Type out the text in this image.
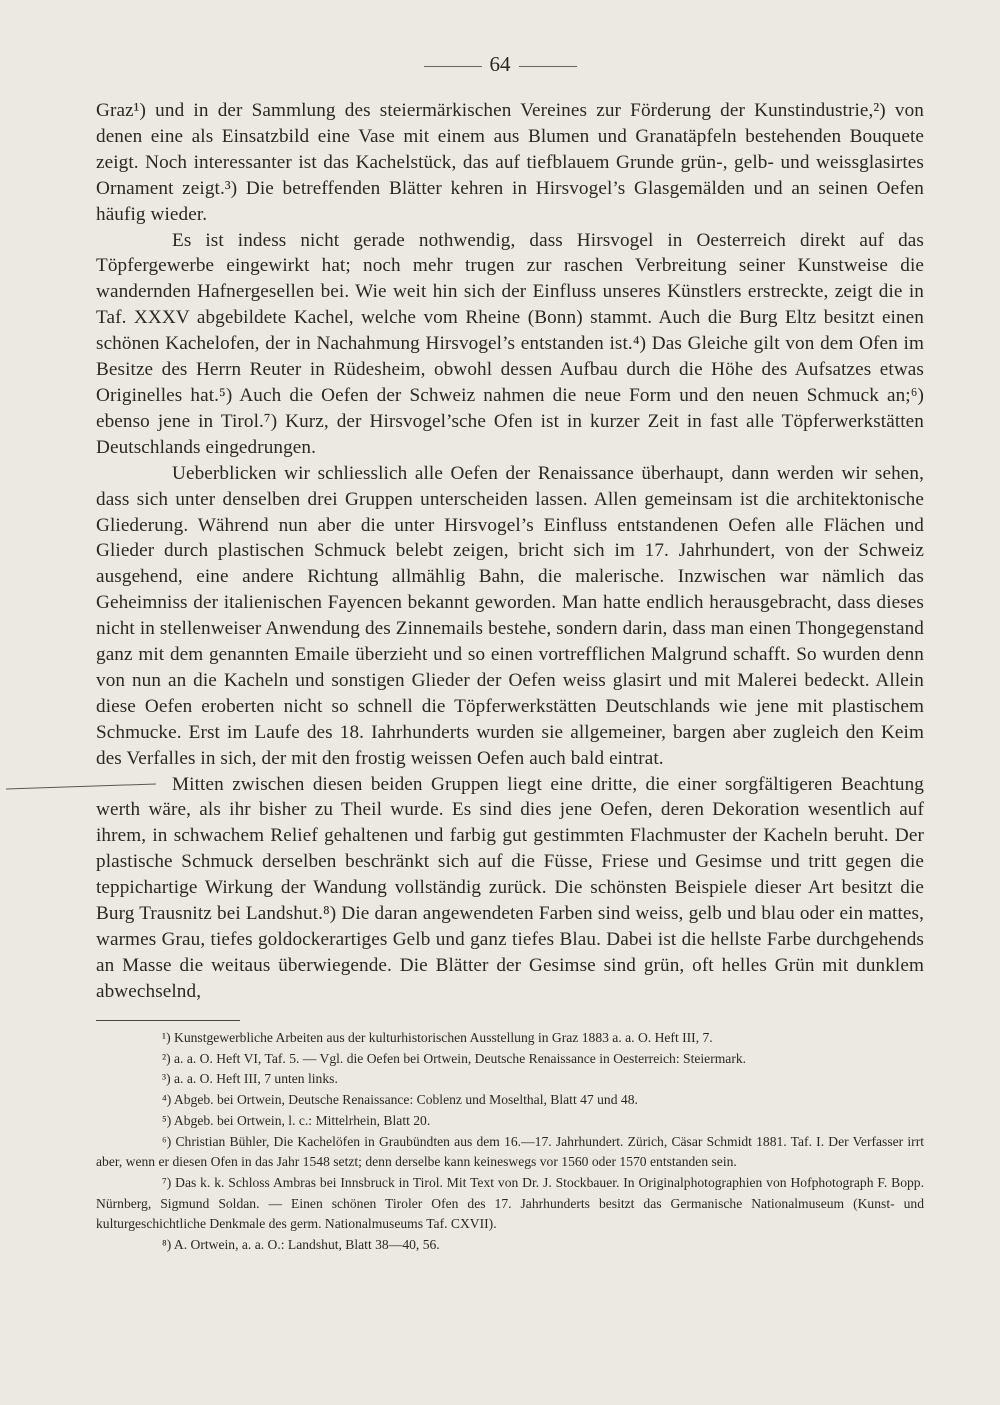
64

Graz¹) und in der Sammlung des steiermärkischen Vereines zur Förderung der Kunstindustrie,²) von denen eine als Einsatzbild eine Vase mit einem aus Blumen und Granatäpfeln bestehenden Bouquete zeigt. Noch interessanter ist das Kachelstück, das auf tiefblauem Grunde grün-, gelb- und weissglasirtes Ornament zeigt.³) Die betreffenden Blätter kehren in Hirsvogel’s Glasgemälden und an seinen Oefen häufig wieder.

Es ist indess nicht gerade nothwendig, dass Hirsvogel in Oesterreich direkt auf das Töpfergewerbe eingewirkt hat; noch mehr trugen zur raschen Verbreitung seiner Kunstweise die wandernden Hafnergesellen bei. Wie weit hin sich der Einfluss unseres Künstlers erstreckte, zeigt die in Taf. XXXV abgebildete Kachel, welche vom Rheine (Bonn) stammt. Auch die Burg Eltz besitzt einen schönen Kachelofen, der in Nachahmung Hirsvogel’s entstanden ist.⁴) Das Gleiche gilt von dem Ofen im Besitze des Herrn Reuter in Rüdesheim, obwohl dessen Aufbau durch die Höhe des Aufsatzes etwas Originelles hat.⁵) Auch die Oefen der Schweiz nahmen die neue Form und den neuen Schmuck an;⁶) ebenso jene in Tirol.⁷) Kurz, der Hirsvogel’sche Ofen ist in kurzer Zeit in fast alle Töpferwerkstätten Deutschlands eingedrungen.

Ueberblicken wir schliesslich alle Oefen der Renaissance überhaupt, dann werden wir sehen, dass sich unter denselben drei Gruppen unterscheiden lassen. Allen gemeinsam ist die architektonische Gliederung. Während nun aber die unter Hirsvogel’s Einfluss entstandenen Oefen alle Flächen und Glieder durch plastischen Schmuck belebt zeigen, bricht sich im 17. Jahrhundert, von der Schweiz ausgehend, eine andere Richtung allmählig Bahn, die malerische. Inzwischen war nämlich das Geheimniss der italienischen Fayencen bekannt geworden. Man hatte endlich herausgebracht, dass dieses nicht in stellenweiser Anwendung des Zinnemails bestehe, sondern darin, dass man einen Thongegenstand ganz mit dem genannten Emaile überzieht und so einen vortrefflichen Malgrund schafft. So wurden denn von nun an die Kacheln und sonstigen Glieder der Oefen weiss glasirt und mit Malerei bedeckt. Allein diese Oefen eroberten nicht so schnell die Töpferwerkstätten Deutschlands wie jene mit plastischem Schmucke. Erst im Laufe des 18. Iahrhunderts wurden sie allgemeiner, bargen aber zugleich den Keim des Verfalles in sich, der mit den frostig weissen Oefen auch bald eintrat.

Mitten zwischen diesen beiden Gruppen liegt eine dritte, die einer sorgfältigeren Beachtung werth wäre, als ihr bisher zu Theil wurde. Es sind dies jene Oefen, deren Dekoration wesentlich auf ihrem, in schwachem Relief gehaltenen und farbig gut gestimmten Flachmuster der Kacheln beruht. Der plastische Schmuck derselben beschränkt sich auf die Füsse, Friese und Gesimse und tritt gegen die teppichartige Wirkung der Wandung vollständig zurück. Die schönsten Beispiele dieser Art besitzt die Burg Trausnitz bei Landshut.⁸) Die daran angewendeten Farben sind weiss, gelb und blau oder ein mattes, warmes Grau, tiefes goldockerartiges Gelb und ganz tiefes Blau. Dabei ist die hellste Farbe durchgehends an Masse die weitaus überwiegende. Die Blätter der Gesimse sind grün, oft helles Grün mit dunklem abwechselnd,

¹) Kunstgewerbliche Arbeiten aus der kulturhistorischen Ausstellung in Graz 1883 a. a. O. Heft III, 7.

²) a. a. O. Heft VI, Taf. 5. — Vgl. die Oefen bei Ortwein, Deutsche Renaissance in Oesterreich: Steiermark.

³) a. a. O. Heft III, 7 unten links.

⁴) Abgeb. bei Ortwein, Deutsche Renaissance: Coblenz und Moselthal, Blatt 47 und 48.

⁵) Abgeb. bei Ortwein, l. c.: Mittelrhein, Blatt 20.

⁶) Christian Bühler, Die Kachelöfen in Graubündten aus dem 16.—17. Jahrhundert. Zürich, Cäsar Schmidt 1881. Taf. I. Der Verfasser irrt aber, wenn er diesen Ofen in das Jahr 1548 setzt; denn derselbe kann keineswegs vor 1560 oder 1570 entstanden sein.

⁷) Das k. k. Schloss Ambras bei Innsbruck in Tirol. Mit Text von Dr. J. Stockbauer. In Originalphotographien von Hofphotograph F. Bopp. Nürnberg, Sigmund Soldan. — Einen schönen Tiroler Ofen des 17. Jahrhunderts besitzt das Germanische Nationalmuseum (Kunst- und kulturgeschichtliche Denkmale des germ. Nationalmuseums Taf. CXVII).

⁸) A. Ortwein, a. a. O.: Landshut, Blatt 38—40, 56.
